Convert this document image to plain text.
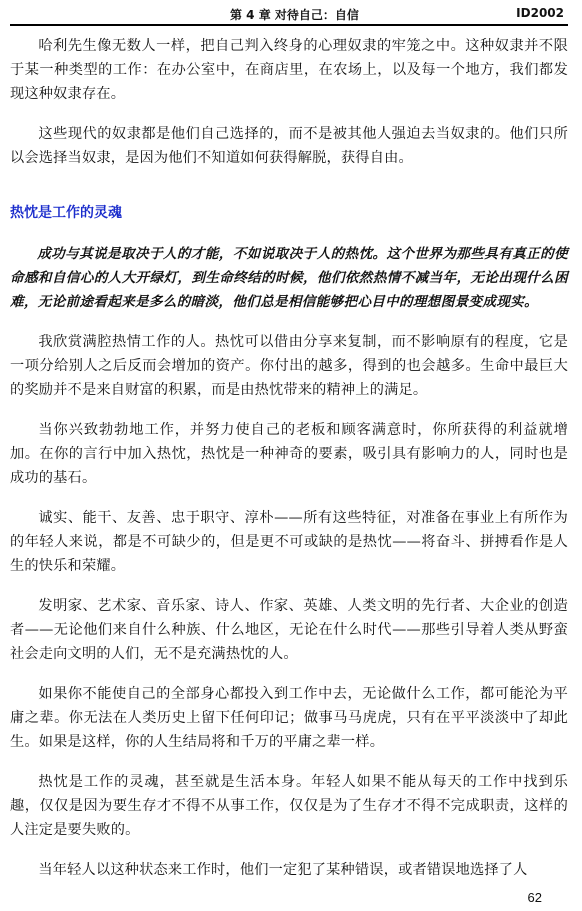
第 4 章 对待自己：自信	ID2002

哈利先生像无数人一样，把自己判入终身的心理奴隶的牢笼之中。这种奴隶并不限于某一种类型的工作：在办公室中，在商店里，在农场上，以及每一个地方，我们都发现这种奴隶存在。

这些现代的奴隶都是他们自己选择的，而不是被其他人强迫去当奴隶的。他们只所以会选择当奴隶，是因为他们不知道如何获得解脱，获得自由。

热忱是工作的灵魂

成功与其说是取决于人的才能，不如说取决于人的热忱。这个世界为那些具有真正的使命感和自信心的人大开绿灯，到生命终结的时候，他们依然热情不减当年，无论出现什么困难，无论前途看起来是多么的暗淡，他们总是相信能够把心目中的理想图景变成现实。

我欣赏满腔热情工作的人。热忱可以借由分享来复制，而不影响原有的程度，它是一项分给别人之后反而会增加的资产。你付出的越多，得到的也会越多。生命中最巨大的奖励并不是来自财富的积累，而是由热忱带来的精神上的满足。

当你兴致勃勃地工作，并努力使自己的老板和顾客满意时，你所获得的利益就增加。在你的言行中加入热忱，热忱是一种神奇的要素，吸引具有影响力的人，同时也是成功的基石。

诚实、能干、友善、忠于职守、淳朴——所有这些特征，对准备在事业上有所作为的年轻人来说，都是不可缺少的，但是更不可或缺的是热忱——将奋斗、拼搏看作是人生的快乐和荣耀。

发明家、艺术家、音乐家、诗人、作家、英雄、人类文明的先行者、大企业的创造者——无论他们来自什么种族、什么地区，无论在什么时代——那些引导着人类从野蛮社会走向文明的人们，无不是充满热忱的人。

如果你不能使自己的全部身心都投入到工作中去，无论做什么工作，都可能沦为平庸之辈。你无法在人类历史上留下任何印记；做事马马虎虎，只有在平平淡淡中了却此生。如果是这样，你的人生结局将和千万的平庸之辈一样。

热忱是工作的灵魂，甚至就是生活本身。年轻人如果不能从每天的工作中找到乐趣，仅仅是因为要生存才不得不从事工作，仅仅是为了生存才不得不完成职责，这样的人注定是要失败的。

当年轻人以这种状态来工作时，他们一定犯了某种错误，或者错误地选择了人

62
